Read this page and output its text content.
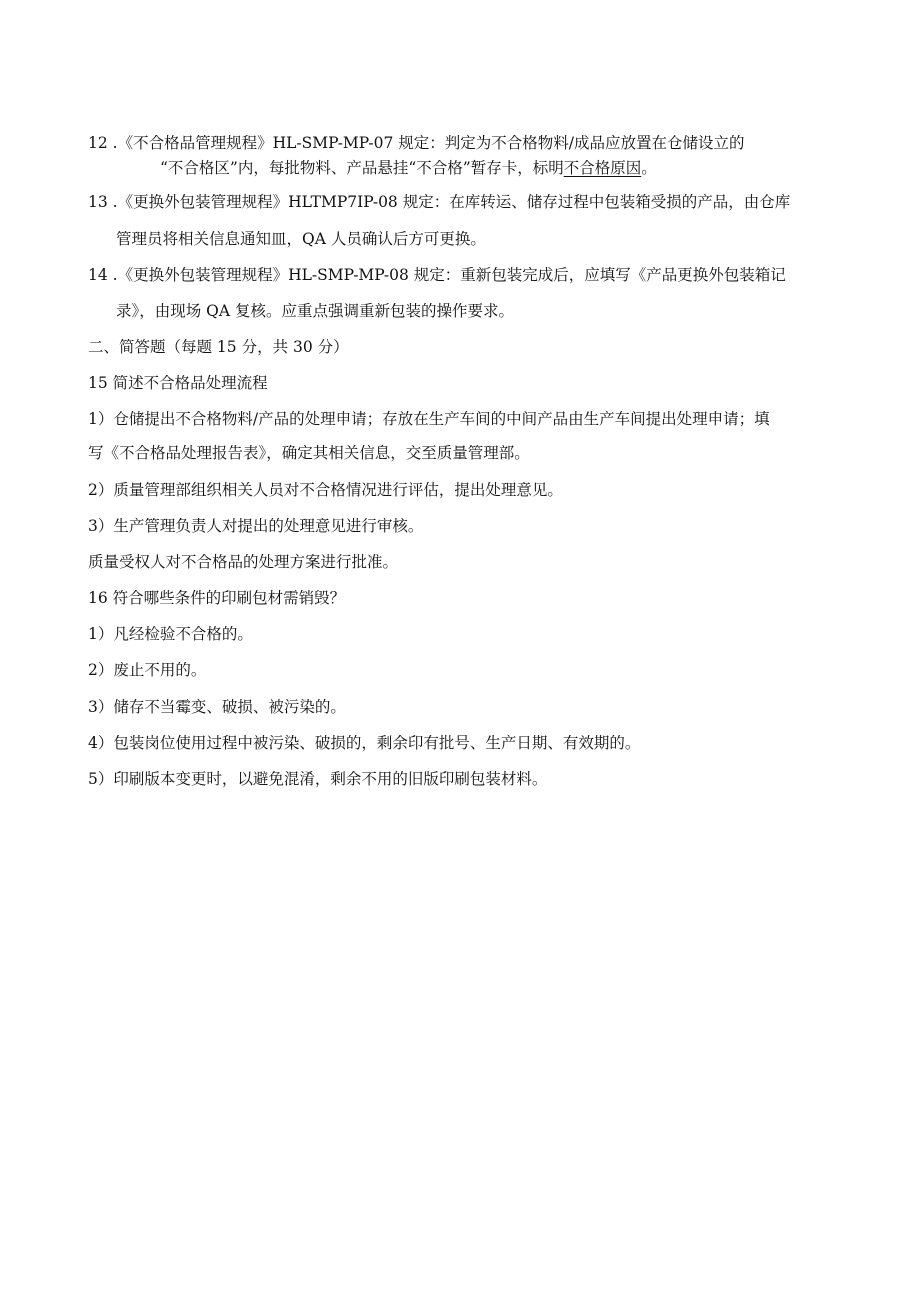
12 .《不合格品管理规程》HL-SMP-MP-07 规定：判定为不合格物料/成品应放置在仓储设立的
“不合格区”内，每批物料、产品悬挂“不合格”暂存卡，标明不合格原因。
13 .《更换外包装管理规程》HLTMP7IP-08 规定：在库转运、储存过程中包装箱受损的产品，由仓库
管理员将相关信息通知皿，QA 人员确认后方可更换。
14 .《更换外包装管理规程》HL-SMP-MP-08 规定：重新包装完成后，应填写《产品更换外包装箱记
录》，由现场 QA 复核。应重点强调重新包装的操作要求。
二、简答题（每题 15 分，共 30 分）
15 简述不合格品处理流程
1）仓储提出不合格物料/产品的处理申请；存放在生产车间的中间产品由生产车间提出处理申请；填
写《不合格品处理报告表》，确定其相关信息，交至质量管理部。
2）质量管理部组织相关人员对不合格情况进行评估，提出处理意见。
3）生产管理负责人对提出的处理意见进行审核。
质量受权人对不合格品的处理方案进行批准。
16 符合哪些条件的印刷包材需销毁？
1）凡经检验不合格的。
2）废止不用的。
3）储存不当霉变、破损、被污染的。
4）包装岗位使用过程中被污染、破损的，剩余印有批号、生产日期、有效期的。
5）印刷版本变更时，以避免混淆，剩余不用的旧版印刷包装材料。
